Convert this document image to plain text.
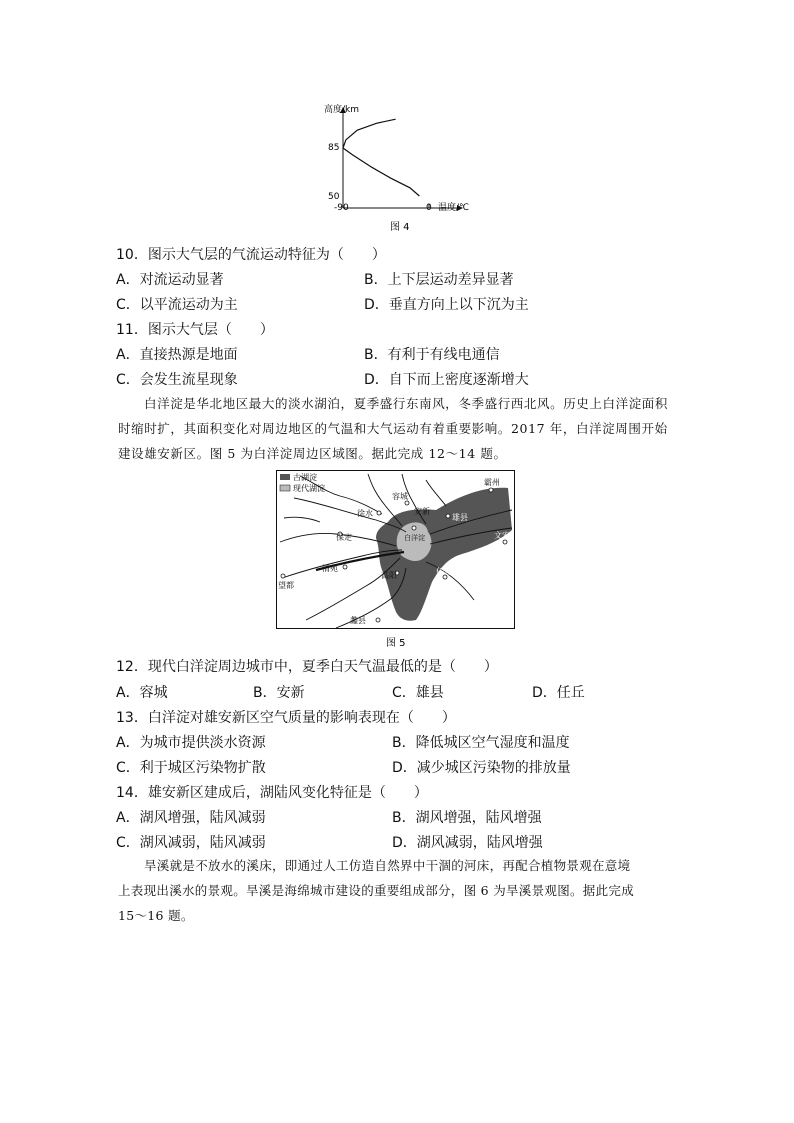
高度/km
85
50
-90	0 温度/℃
图 4
10．图示大气层的气流运动特征为（　　）
A．对流运动显著	B．上下层运动差异显著
C．以平流运动为主	D．垂直方向上以下沉为主
11．图示大气层（　　）
A．直接热源是地面	B．有利于有线电通信
C．会发生流星现象	D．自下而上密度逐渐增大
白洋淀是华北地区最大的淡水湖泊，夏季盛行东南风，冬季盛行西北风。历史上白洋淀面积时缩时扩，其面积变化对周边地区的气温和大气运动有着重要影响。2017 年，白洋淀周围开始建设雄安新区。图 5 为白洋淀周边区域图。据此完成 12～14 题。
古湖淀
现代湖淀
霸州
容城
徐水	安新
雄县
白洋淀	文安
保定
清苑
高阳	任丘
望都
蠡县
图 5
12．现代白洋淀周边城市中，夏季白天气温最低的是（　　）
A．容城	B．安新	C．雄县	D．任丘
13．白洋淀对雄安新区空气质量的影响表现在（　　）
A．为城市提供淡水资源	B．降低城区空气湿度和温度
C．利于城区污染物扩散	D．减少城区污染物的排放量
14．雄安新区建成后，湖陆风变化特征是（　　）
A．湖风增强，陆风减弱	B．湖风增强，陆风增强
C．湖风减弱，陆风减弱	D．湖风减弱，陆风增强
旱溪就是不放水的溪床，即通过人工仿造自然界中干涸的河床，再配合植物景观在意境
上表现出溪水的景观。旱溪是海绵城市建设的重要组成部分，图 6 为旱溪景观图。据此完成
15～16 题。
